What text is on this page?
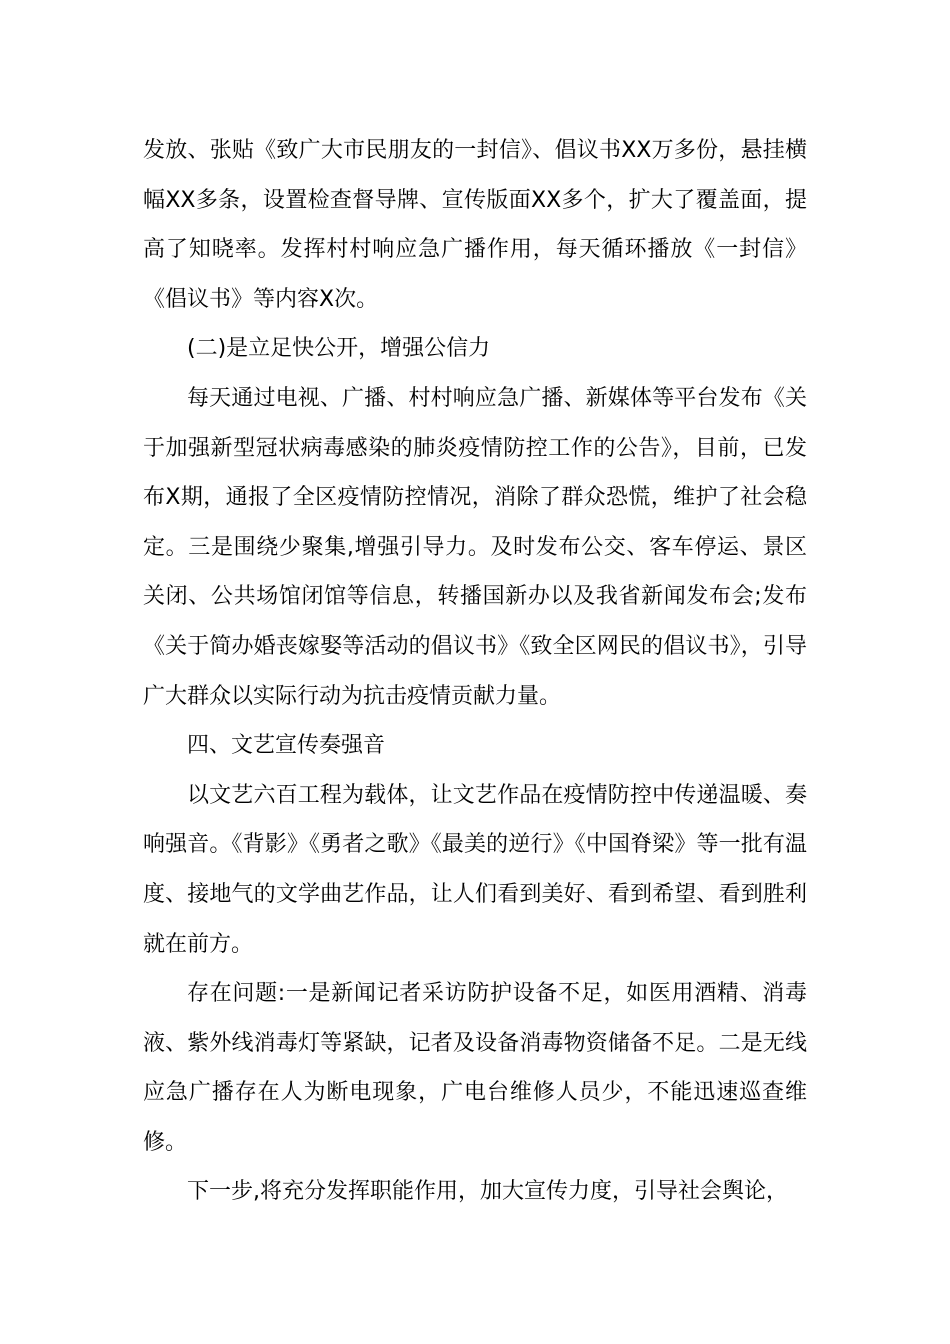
发放、张贴《致广大市民朋友的一封信》、倡议书XX万多份，悬挂横幅XX多条，设置检查督导牌、宣传版面XX多个，扩大了覆盖面，提高了知晓率。发挥村村响应急广播作用，每天循环播放《一封信》《倡议书》等内容X次。

(二)是立足快公开，增强公信力

每天通过电视、广播、村村响应急广播、新媒体等平台发布《关于加强新型冠状病毒感染的肺炎疫情防控工作的公告》，目前，已发布X期，通报了全区疫情防控情况，消除了群众恐慌，维护了社会稳定。三是围绕少聚集,增强引导力。及时发布公交、客车停运、景区关闭、公共场馆闭馆等信息，转播国新办以及我省新闻发布会;发布《关于简办婚丧嫁娶等活动的倡议书》《致全区网民的倡议书》，引导广大群众以实际行动为抗击疫情贡献力量。

四、文艺宣传奏强音

以文艺六百工程为载体，让文艺作品在疫情防控中传递温暖、奏响强音。《背影》《勇者之歌》《最美的逆行》《中国脊梁》等一批有温度、接地气的文学曲艺作品，让人们看到美好、看到希望、看到胜利就在前方。

存在问题:一是新闻记者采访防护设备不足，如医用酒精、消毒液、紫外线消毒灯等紧缺，记者及设备消毒物资储备不足。二是无线应急广播存在人为断电现象，广电台维修人员少，不能迅速巡查维修。

下一步,将充分发挥职能作用，加大宣传力度，引导社会舆论，
